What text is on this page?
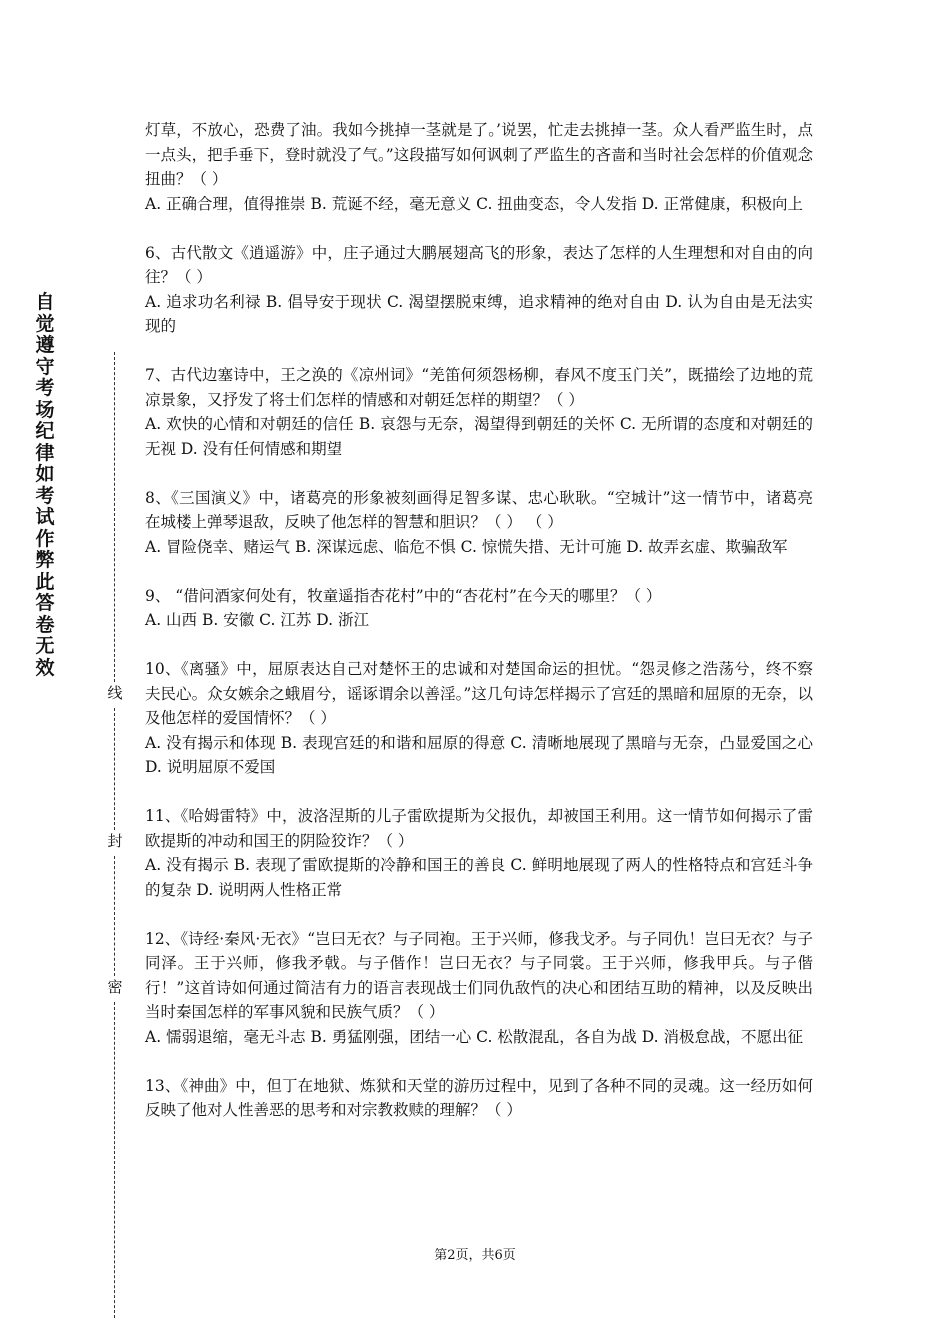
自觉遵守考场纪律如考试作弊此答卷无效
线
封
密

灯草，不放心，恐费了油。我如今挑掉一茎就是了。’说罢，忙走去挑掉一茎。众人看严监生时，点一点头，把手垂下，登时就没了气。”这段描写如何讽刺了严监生的吝啬和当时社会怎样的价值观念扭曲？（ ）

A. 正确合理，值得推崇 B. 荒诞不经，毫无意义 C. 扭曲变态，令人发指 D. 正常健康，积极向上

6、古代散文《逍遥游》中，庄子通过大鹏展翅高飞的形象，表达了怎样的人生理想和对自由的向往？（ ）

A. 追求功名利禄 B. 倡导安于现状 C. 渴望摆脱束缚，追求精神的绝对自由 D. 认为自由是无法实现的

7、古代边塞诗中，王之涣的《凉州词》“羌笛何须怨杨柳，春风不度玉门关”，既描绘了边地的荒凉景象，又抒发了将士们怎样的情感和对朝廷怎样的期望？（ ）

A. 欢快的心情和对朝廷的信任 B. 哀怨与无奈，渴望得到朝廷的关怀 C. 无所谓的态度和对朝廷的无视 D. 没有任何情感和期望

8、《三国演义》中，诸葛亮的形象被刻画得足智多谋、忠心耿耿。“空城计”这一情节中，诸葛亮在城楼上弹琴退敌，反映了他怎样的智慧和胆识？（ ） （ ）

A. 冒险侥幸、赌运气 B. 深谋远虑、临危不惧 C. 惊慌失措、无计可施 D. 故弄玄虚、欺骗敌军

9、 “借问酒家何处有，牧童遥指杏花村”中的“杏花村”在今天的哪里？（ ）

A. 山西 B. 安徽 C. 江苏 D. 浙江

10、《离骚》中，屈原表达自己对楚怀王的忠诚和对楚国命运的担忧。“怨灵修之浩荡兮，终不察夫民心。众女嫉余之蛾眉兮，谣诼谓余以善淫。”这几句诗怎样揭示了宫廷的黑暗和屈原的无奈，以及他怎样的爱国情怀？（ ）

A. 没有揭示和体现 B. 表现宫廷的和谐和屈原的得意 C. 清晰地展现了黑暗与无奈，凸显爱国之心 D. 说明屈原不爱国

11、《哈姆雷特》中，波洛涅斯的儿子雷欧提斯为父报仇，却被国王利用。这一情节如何揭示了雷欧提斯的冲动和国王的阴险狡诈？（ ）

A. 没有揭示 B. 表现了雷欧提斯的冷静和国王的善良 C. 鲜明地展现了两人的性格特点和宫廷斗争的复杂 D. 说明两人性格正常

12、《诗经·秦风·无衣》“岂曰无衣？与子同袍。王于兴师，修我戈矛。与子同仇！岂曰无衣？与子同泽。王于兴师，修我矛戟。与子偕作！岂曰无衣？与子同裳。王于兴师，修我甲兵。与子偕行！”这首诗如何通过简洁有力的语言表现战士们同仇敌忾的决心和团结互助的精神，以及反映出当时秦国怎样的军事风貌和民族气质？（ ）

A. 懦弱退缩，毫无斗志 B. 勇猛刚强，团结一心 C. 松散混乱，各自为战 D. 消极怠战，不愿出征

13、《神曲》中，但丁在地狱、炼狱和天堂的游历过程中，见到了各种不同的灵魂。这一经历如何反映了他对人性善恶的思考和对宗教救赎的理解？（ ）

第2页，共6页
